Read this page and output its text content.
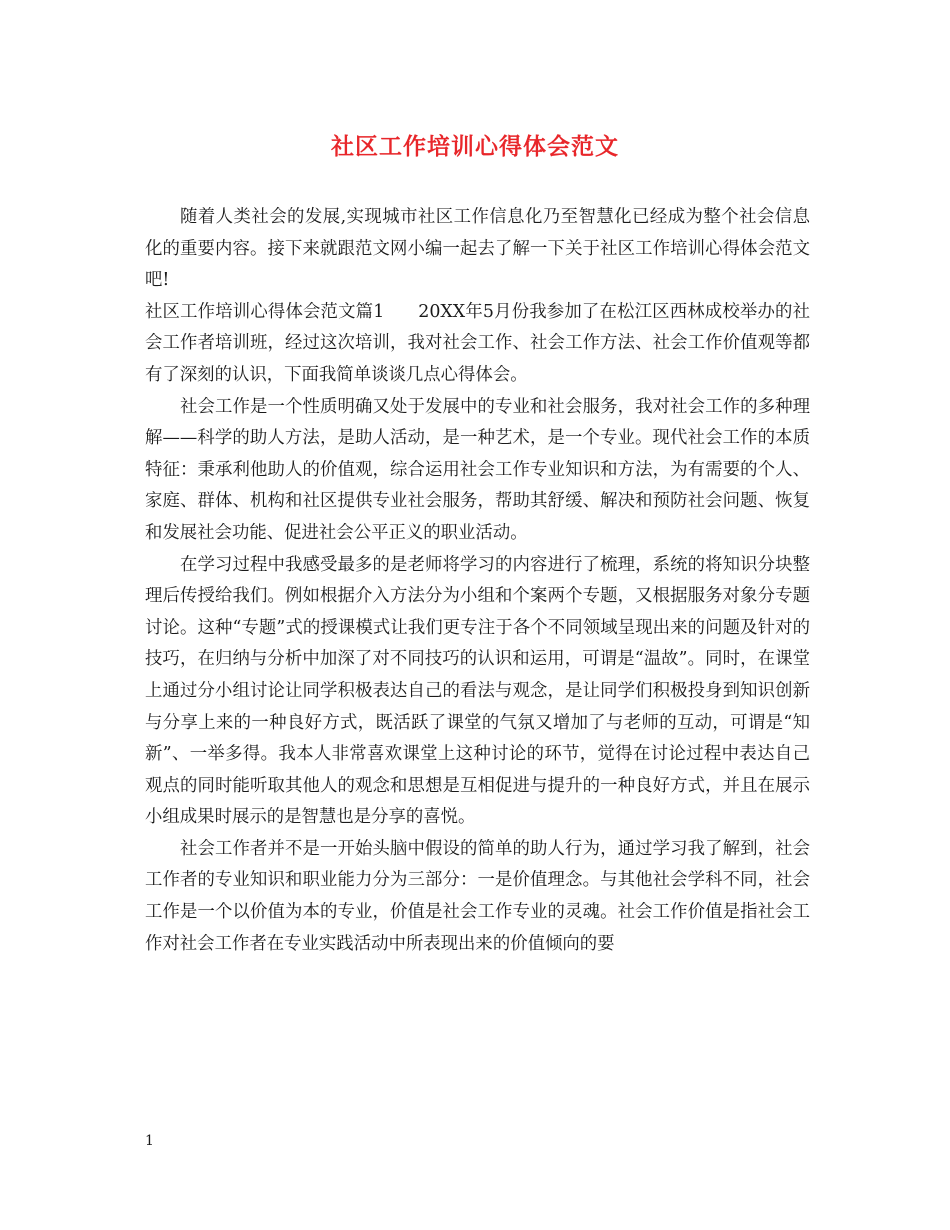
社区工作培训心得体会范文

随着人类社会的发展,实现城市社区工作信息化乃至智慧化已经成为整个社会信息化的重要内容。接下来就跟范文网小编一起去了解一下关于社区工作培训心得体会范文吧!

社区工作培训心得体会范文篇1 20XX年5月份我参加了在松江区西林成校举办的社会工作者培训班，经过这次培训，我对社会工作、社会工作方法、社会工作价值观等都有了深刻的认识，下面我简单谈谈几点心得体会。

社会工作是一个性质明确又处于发展中的专业和社会服务，我对社会工作的多种理解——科学的助人方法，是助人活动，是一种艺术，是一个专业。现代社会工作的本质特征：秉承利他助人的价值观，综合运用社会工作专业知识和方法，为有需要的个人、家庭、群体、机构和社区提供专业社会服务，帮助其舒缓、解决和预防社会问题、恢复和发展社会功能、促进社会公平正义的职业活动。

在学习过程中我感受最多的是老师将学习的内容进行了梳理，系统的将知识分块整理后传授给我们。例如根据介入方法分为小组和个案两个专题，又根据服务对象分专题讨论。这种“专题”式的授课模式让我们更专注于各个不同领域呈现出来的问题及针对的技巧，在归纳与分析中加深了对不同技巧的认识和运用，可谓是“温故”。同时，在课堂上通过分小组讨论让同学积极表达自己的看法与观念，是让同学们积极投身到知识创新与分享上来的一种良好方式，既活跃了课堂的气氛又增加了与老师的互动，可谓是“知新”、一举多得。我本人非常喜欢课堂上这种讨论的环节，觉得在讨论过程中表达自己观点的同时能听取其他人的观念和思想是互相促进与提升的一种良好方式，并且在展示小组成果时展示的是智慧也是分享的喜悦。

社会工作者并不是一开始头脑中假设的简单的助人行为，通过学习我了解到，社会工作者的专业知识和职业能力分为三部分：一是价值理念。与其他社会学科不同，社会工作是一个以价值为本的专业，价值是社会工作专业的灵魂。社会工作价值是指社会工作对社会工作者在专业实践活动中所表现出来的价值倾向的要

1
